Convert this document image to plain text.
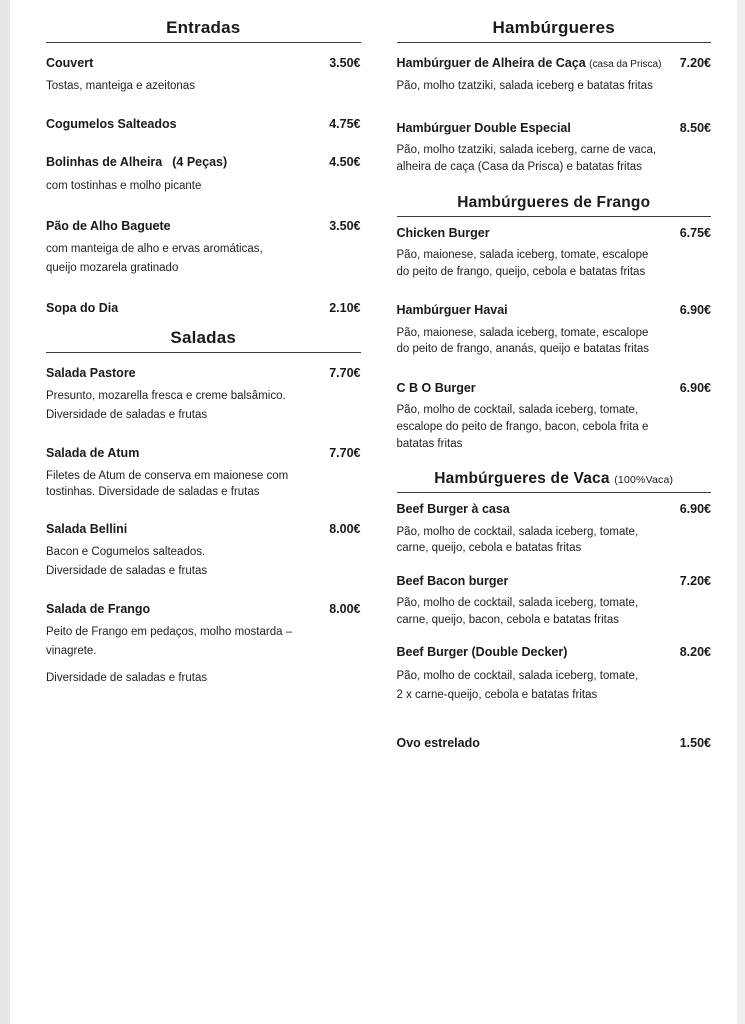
Entradas
Couvert	3.50€
Tostas, manteiga e azeitonas
Cogumelos Salteados	4.75€
Bolinhas de Alheira (4 Peças)	4.50€
com tostinhas e molho picante
Pão de Alho Baguete	3.50€
com manteiga de alho e ervas aromáticas,
queijo mozarela gratinado
Sopa do Dia	2.10€
Saladas
Salada Pastore	7.70€
Presunto, mozarella fresca e creme balsâmico.
Diversidade de saladas e frutas
Salada de Atum	7.70€
Filetes de Atum de conserva em maionese com
tostinhas. Diversidade de saladas e frutas
Salada Bellini	8.00€
Bacon e Cogumelos salteados.
Diversidade de saladas e frutas
Salada de Frango	8.00€
Peito de Frango em pedaços, molho mostarda –
vinagrete.
Diversidade de saladas e frutas
Hambúrgueres
Hambúrguer de Alheira de Caça (casa da Prisca) 7.20€
Pão, molho tzatziki, salada iceberg e batatas fritas
Hambúrguer Double Especial	8.50€
Pão, molho tzatziki, salada iceberg, carne de vaca,
alheira de caça (Casa da Prisca) e batatas fritas
Hambúrgueres de Frango
Chicken Burger	6.75€
Pão, maionese, salada iceberg, tomate, escalope
do peito de frango, queijo, cebola e batatas fritas
Hambúrguer Havai	6.90€
Pão, maionese, salada iceberg, tomate, escalope
do peito de frango, ananás, queijo e batatas fritas
C B O Burger	6.90€
Pão, molho de cocktail, salada iceberg, tomate,
escalope do peito de frango, bacon, cebola frita e
batatas fritas
Hambúrgueres de Vaca (100%Vaca)
Beef Burger à casa	6.90€
Pão, molho de cocktail, salada iceberg, tomate,
carne, queijo, cebola e batatas fritas
Beef Bacon burger	7.20€
Pão, molho de cocktail, salada iceberg, tomate,
carne, queijo, bacon, cebola e batatas fritas
Beef Burger (Double Decker)	8.20€
Pão, molho de cocktail, salada iceberg, tomate,
2 x carne-queijo, cebola e batatas fritas
Ovo estrelado	1.50€
